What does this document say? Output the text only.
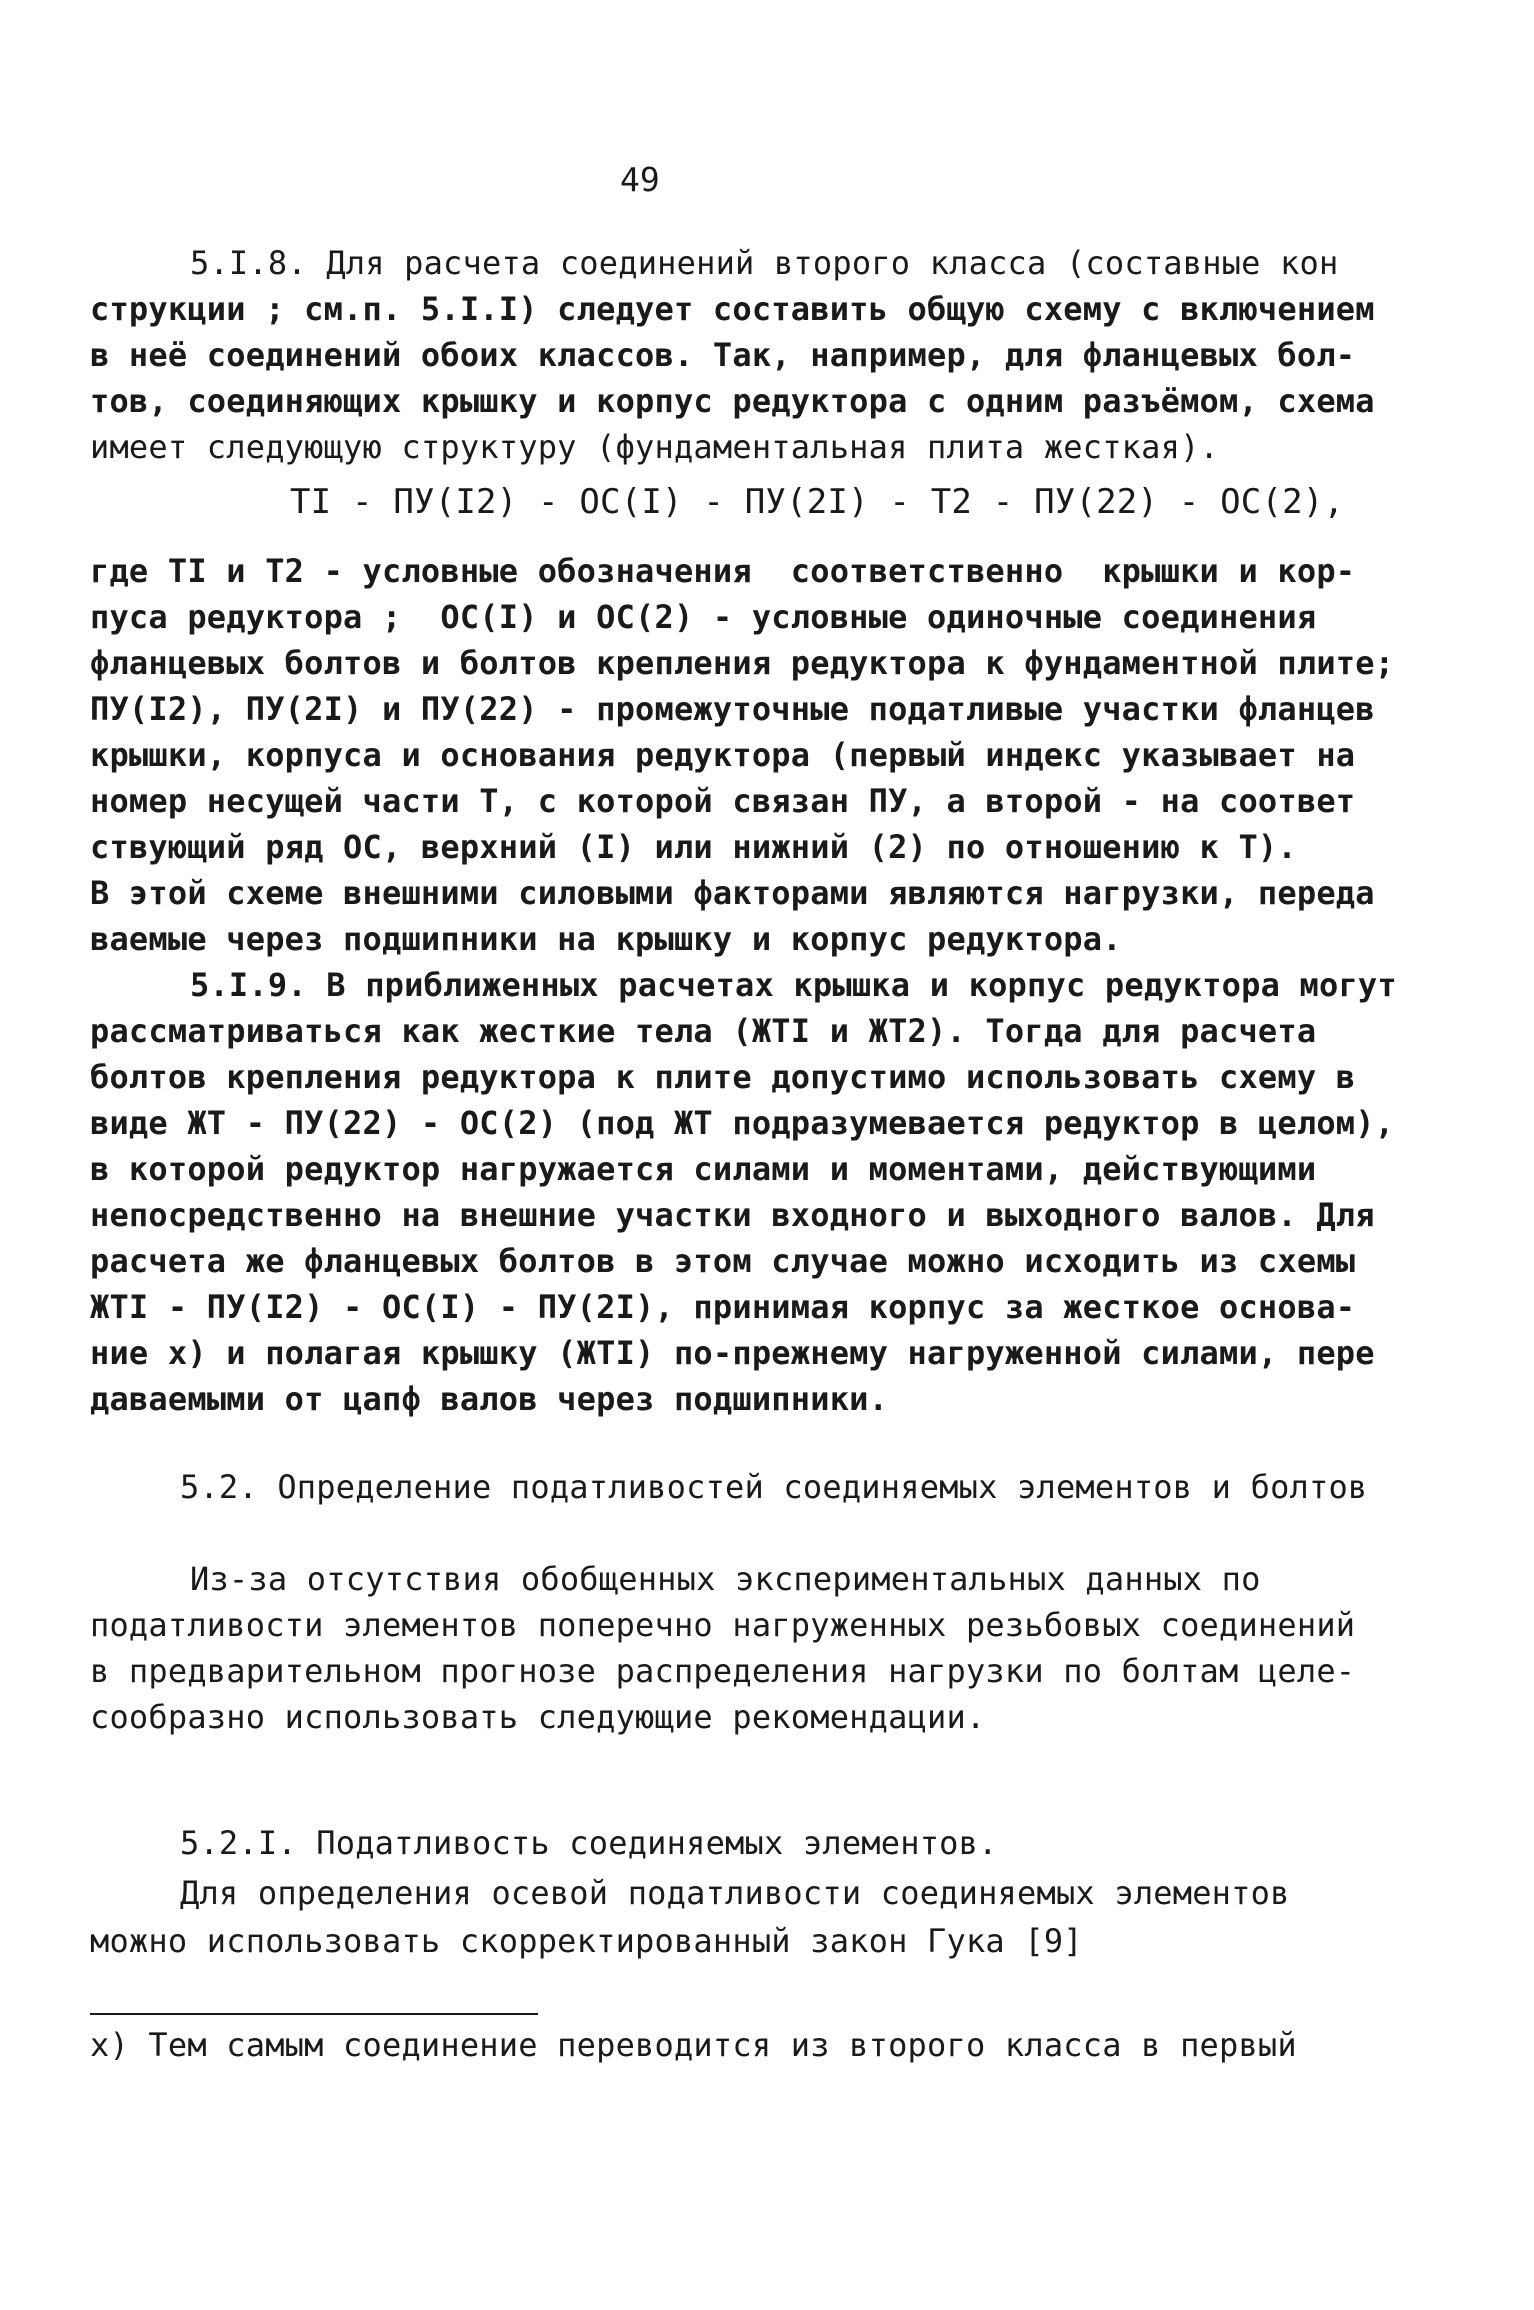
49
5.I.8. Для расчета соединений второго класса (составные кон
струкции ; см.п. 5.I.I) следует составить общую схему с включением
в неё соединений обоих классов. Так, например, для фланцевых бол-
тов, соединяющих крышку и корпус редуктора с одним разъёмом, схема
имеет следующую структуру (фундаментальная плита жесткая).
TI - ПУ(I2) - ОС(I) - ПУ(2I) - T2 - ПУ(22) - ОС(2),
где TI и T2 - условные обозначения  соответственно  крышки и кор-
пуса редуктора ;  ОС(I) и ОС(2) - условные одиночные соединения
фланцевых болтов и болтов крепления редуктора к фундаментной плите;
ПУ(I2), ПУ(2I) и ПУ(22) - промежуточные податливые участки фланцев
крышки, корпуса и основания редуктора (первый индекс указывает на
номер несущей части Т, с которой связан ПУ, а второй - на соответ
ствующий ряд ОС, верхний (I) или нижний (2) по отношению к Т).
В этой схеме внешними силовыми факторами являются нагрузки, переда
ваемые через подшипники на крышку и корпус редуктора.
5.I.9. В приближенных расчетах крышка и корпус редуктора могут
рассматриваться как жесткие тела (ЖТI и ЖТ2). Тогда для расчета
болтов крепления редуктора к плите допустимо использовать схему в
виде ЖТ - ПУ(22) - ОС(2) (под ЖТ подразумевается редуктор в целом),
в которой редуктор нагружается силами и моментами, действующими
непосредственно на внешние участки входного и выходного валов. Для
расчета же фланцевых болтов в этом случае можно исходить из схемы
ЖТI - ПУ(I2) - ОС(I) - ПУ(2I), принимая корпус за жесткое основа-
ние x) и полагая крышку (ЖТI) по-прежнему нагруженной силами, пере
даваемыми от цапф валов через подшипники.
5.2. Определение податливостей соединяемых элементов и болтов
Из-за отсутствия обобщенных экспериментальных данных по
податливости элементов поперечно нагруженных резьбовых соединений
в предварительном прогнозе распределения нагрузки по болтам целе-
сообразно использовать следующие рекомендации.
5.2.I. Податливость соединяемых элементов.
Для определения осевой податливости соединяемых элементов
можно использовать скорректированный закон Гука [9]
x) Тем самым соединение переводится из второго класса в первый
